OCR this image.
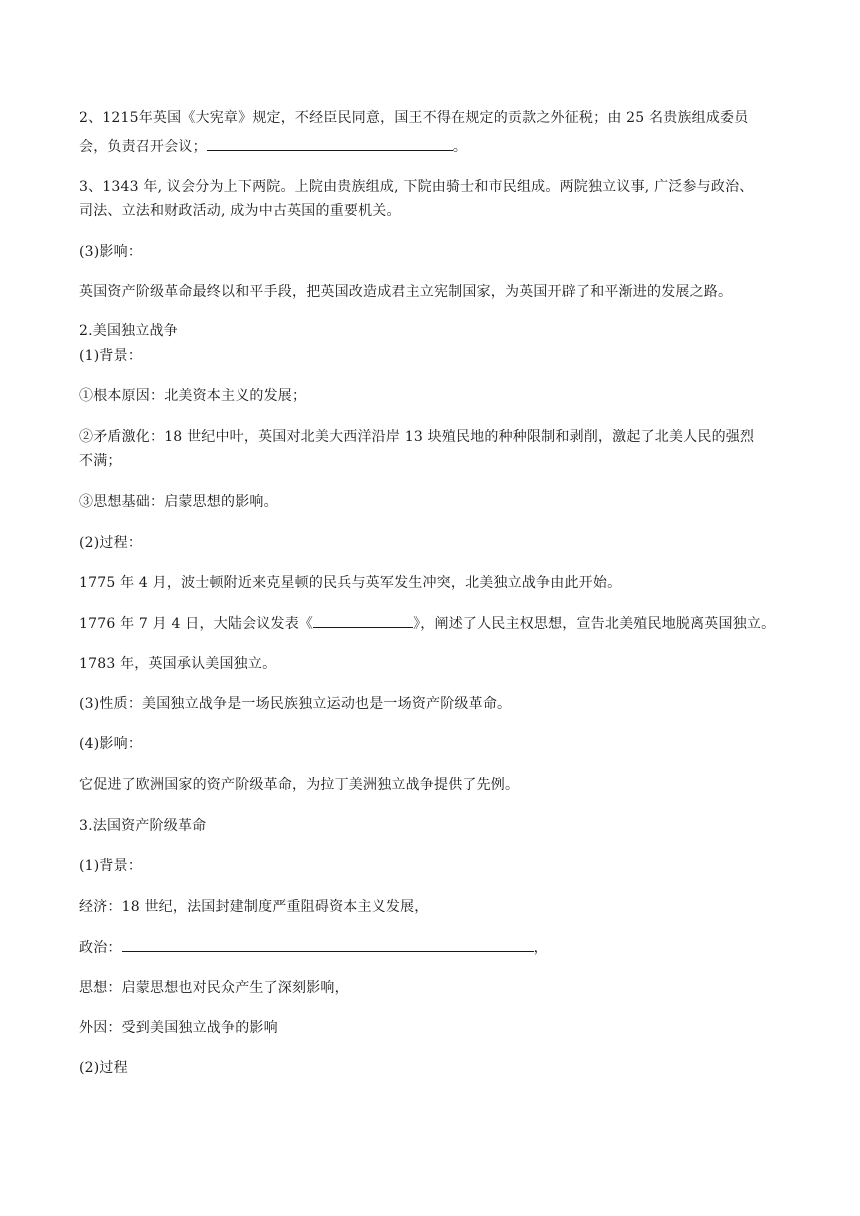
2、1215年英国《大宪章》规定，不经臣民同意，国王不得在规定的贡款之外征税；由 25 名贵族组成委员
会，负责召开会议；	。
3、1343 年, 议会分为上下两院。上院由贵族组成, 下院由骑士和市民组成。两院独立议事, 广泛参与政治、
司法、立法和财政活动, 成为中古英国的重要机关。
(3)影响：
英国资产阶级革命最终以和平手段，把英国改造成君主立宪制国家，为英国开辟了和平渐进的发展之路。
2.美国独立战争
(1)背景：
①根本原因：北美资本主义的发展；
②矛盾激化：18 世纪中叶，英国对北美大西洋沿岸 13 块殖民地的种种限制和剥削，激起了北美人民的强烈
不满；
③思想基础：启蒙思想的影响。
(2)过程：
1775 年 4 月，波士顿附近来克星顿的民兵与英军发生冲突，北美独立战争由此开始。
1776 年 7 月 4 日，大陆会议发表《	》，阐述了人民主权思想，宣告北美殖民地脱离英国独立。
1783 年，英国承认美国独立。
(3)性质：美国独立战争是一场民族独立运动也是一场资产阶级革命。
(4)影响：
它促进了欧洲国家的资产阶级革命，为拉丁美洲独立战争提供了先例。
3.法国资产阶级革命
(1)背景：
经济：18 世纪，法国封建制度严重阻碍资本主义发展，
政治：	，
思想：启蒙思想也对民众产生了深刻影响，
外因：受到美国独立战争的影响
(2)过程
